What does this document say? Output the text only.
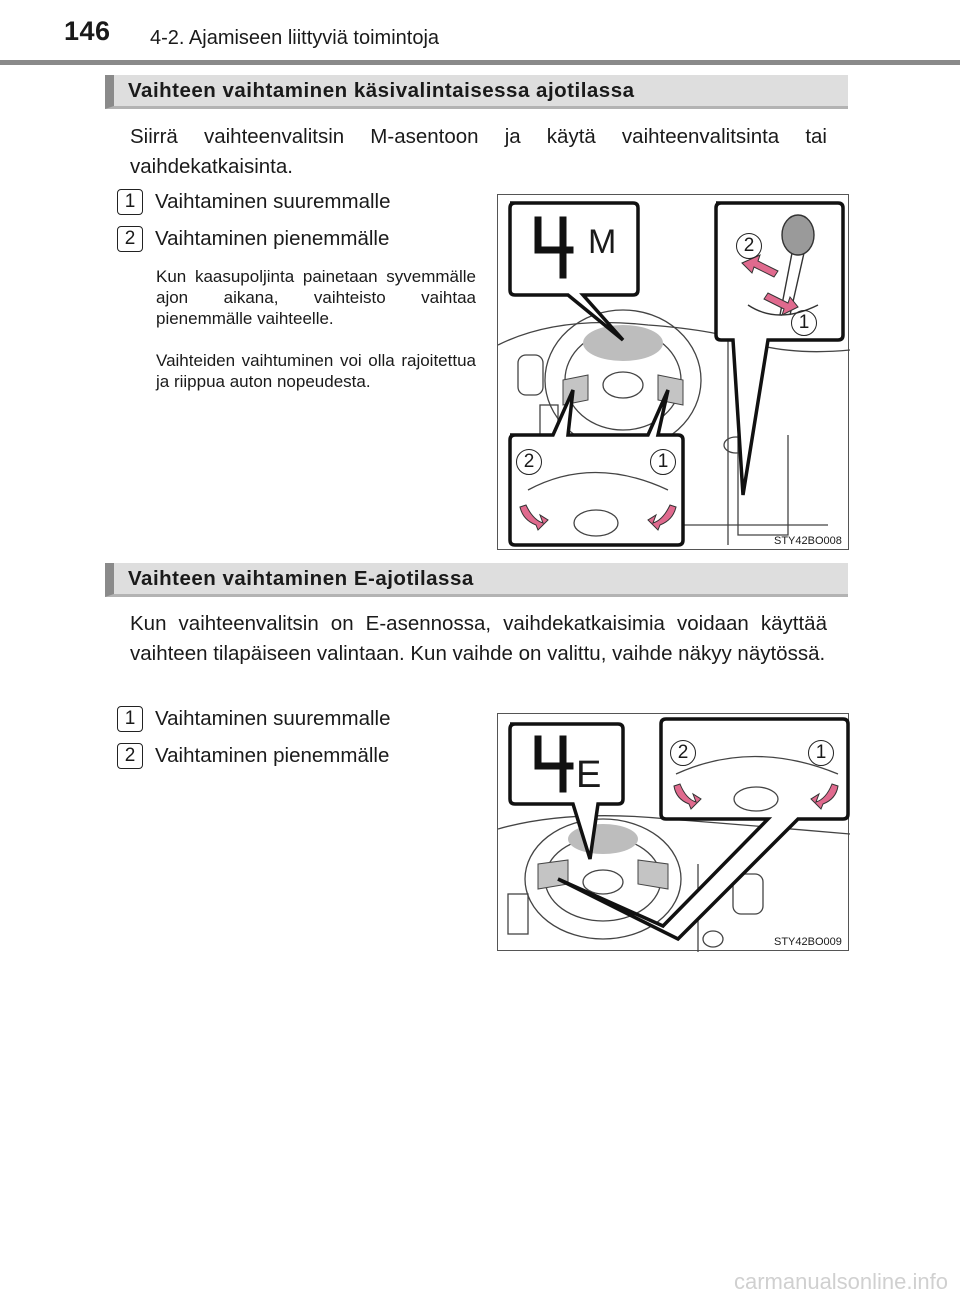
146 4-2. Ajamiseen liittyviä toimintoja
Vaihteen vaihtaminen käsivalintaisessa ajotilassa
Siirrä vaihteenvalitsin M-asentoon ja käytä vaihteenvalitsinta tai vaihdekatkaisinta.
1 Vaihtaminen suuremmalle
2 Vaihtaminen pienemmälle
Kun kaasupoljinta painetaan syvemmälle ajon aikana, vaihteisto vaihtaa pienemmälle vaihteelle.
Vaihteiden vaihtuminen voi olla rajoitettua ja riippua auton nopeudesta.
M	2
1
2	1
STY42BO008
Vaihteen vaihtaminen E-ajotilassa
Kun vaihteenvalitsin on E-asennossa, vaihdekatkaisimia voidaan käyttää vaihteen tilapäiseen valintaan. Kun vaihde on valittu, vaihde näkyy näytössä.
1 Vaihtaminen suuremmalle
2 Vaihtaminen pienemmälle	E
2	1
STY42BO009
carmanualsonline.info
